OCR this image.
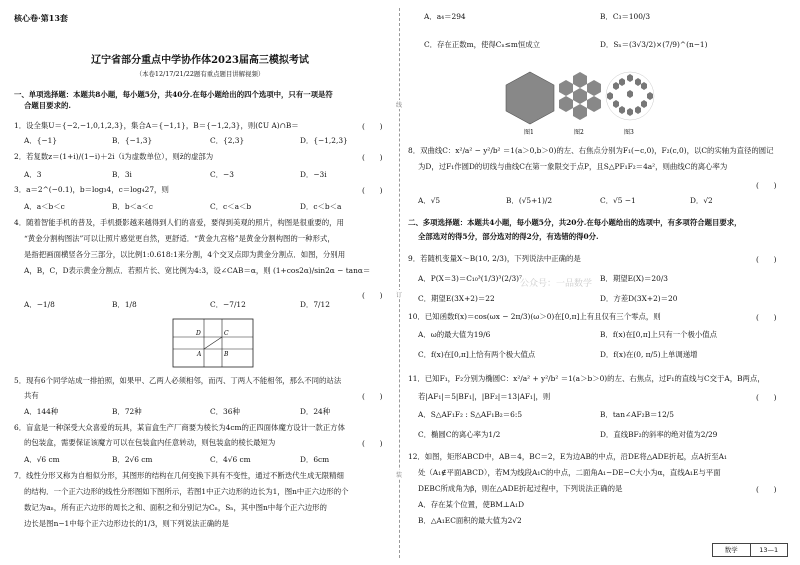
核心卷·第13套
辽宁省部分重点中学协作体2023届高三模拟考试
（本卷12/17/21/22题有重点题目讲解视频）
一、单项选择题：本题共8小题，每小题5分，共40分.在每小题给出的四个选项中，只有一项是符
合题目要求的.
1．设全集U＝{−2,−1,0,1,2,3}，集合A＝{−1,1}，B＝{−1,2,3}，则(∁U A)∩B＝	(　　)
A．{−1}	B．{−1,3}	C．{2,3}	D．{−1,2,3}
2．若复数z＝(1+i)/(1−i)＋2i（i为虚数单位），则z̄的虚部为	(　　)
A．3	B．3i	C．−3	D．−3i
3．a＝2^(−0.1)，b＝log₃4，c＝log₄27，则	(　　)
A．a＜b＜c	B．b＜a＜c	C．c＜a＜b	D．c＜b＜a
4．随着智能手机的普及，手机摄影越来越得到人们的喜爱，要得到美观的照片，构图是很重要的，用
“黄金分割构图法”可以让照片感觉更自然，更舒适．“黄金九宫格”是黄金分割构图的一种形式，
是指把画面横竖各分三部分，以比例1:0.618:1来分割，4个交叉点即为黄金分割点．如图，分别用
A，B，C，D表示黄金分割点．若照片长、宽比例为4:3，设∠CAB＝α，则 (1+cos2α)/sin2α − tanα＝
(　　)
A．−1/8	B．1/8	C．−7/12	D．7/12
D	C
A	B
5．现有6个同学站成一排拍照，如果甲、乙两人必须相邻，而丙、丁两人不能相邻，那么不同的站法
共有	(　　)
A．144种	B．72种	C．36种	D．24种
6．盲盒是一种深受大众喜爱的玩具，某盲盒生产厂商要为棱长为4cm的正四面体魔方设计一款正方体
的包装盒，需要保证该魔方可以在包装盒内任意转动，则包装盒的棱长最短为	(　　)
A．√6 cm	B．2√6 cm	C．4√6 cm	D．6cm
7．线性分形又称为自相似分形，其图形的结构在几何变换下具有不变性，通过不断迭代生成无限精细
的结构．一个正六边形的线性分形图如下图所示，若图1中正六边形的边长为1，图n中正六边形的个
数记为aₙ，所有正六边形的周长之和、面积之和分别记为Cₙ，Sₙ，其中图n中每个正六边形的
边长是图n−1中每个正六边形边长的1/3，则下列说法正确的是
线
订
装
A．a₄＝294	B．C₃＝100/3
C．存在正数m，使得Cₙ≤m恒成立	D．Sₙ＝(3√3/2)×(7/9)^(n−1)
图1	图2	图3
8．双曲线C：x²/a² − y²/b² ＝1(a＞0,b＞0)的左、右焦点分别为F₁(−c,0)，F₂(c,0)，以C的实轴为直径的圆记
为D，过F₁作圆D的切线与曲线C在第一象限交于点P，且S△PF₁F₂＝4a²，则曲线C的离心率为
(　　)
A．√5	B．(√5+1)/2	C．√5 −1	D．√2
二、多项选择题：本题共4小题，每小题5分，共20分.在每小题给出的选项中，有多项符合题目要求，
全部选对的得5分，部分选对的得2分，有选错的得0分.
9．若随机变量X～B(10, 2/3)，下列说法中正确的是	(　　)
A．P(X＝3)＝C₁₀³(1/3)³(2/3)⁷	B．期望E(X)＝20/3
C．期望E(3X+2)＝22	D．方差D(3X+2)＝20
公众号：一品数学
10．已知函数f(x)＝cos(ωx − 2π/3)(ω＞0)在[0,π]上有且仅有三个零点，则	(　　)
A．ω的最大值为19/6	B．f(x)在[0,π]上只有一个极小值点
C．f(x)在[0,π]上恰有两个极大值点	D．f(x)在(0, π/5)上单调递增
11．已知F₁，F₂分别为椭圆C：x²/a² + y²/b² ＝1(a＞b＞0)的左、右焦点，过F₁的直线与C交于A，B两点，
若|AF₁|＝5|BF₁|，|BF₂|＝13|AF₁|，则	(　　)
A．S△AF₁F₂ : S△AF₁B₂＝6:5	B．tan∠AF₂B＝12/5
C．椭圆C的离心率为1/2	D．直线BF₂的斜率的绝对值为2/29
12．如图，矩形ABCD中，AB＝4，BC＝2，E为边AB的中点，沿DE将△ADE折起，点A折至A₁
处（A₁∉平面ABCD），若M为线段A₁C的中点，二面角A₁−DE−C大小为α，直线A₁E与平面
DEBC所成角为β，则在△ADE折起过程中，下列说法正确的是	(　　)
A．存在某个位置，使BM⊥A₁D
B．△A₁EC面积的最大值为2√2
数学	13—1
